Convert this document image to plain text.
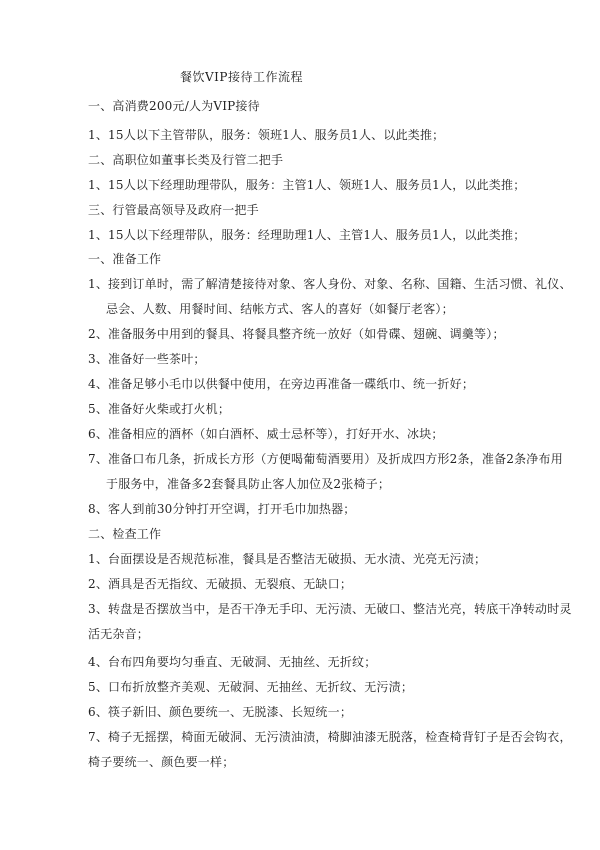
餐饮VIP接待工作流程
一、高消费200元/人为VIP接待
1、15人以下主管带队，服务：领班1人、服务员1人、以此类推；
二、高职位如董事长类及行管二把手
1、15人以下经理助理带队，服务：主管1人、领班1人、服务员1人，以此类推；
三、行管最高领导及政府一把手
1、15人以下经理带队，服务：经理助理1人、主管1人、服务员1人，以此类推；
一、准备工作
1、接到订单时，需了解清楚接待对象、客人身份、对象、名称、国籍、生活习惯、礼仪、
忌会、人数、用餐时间、结帐方式、客人的喜好（如餐厅老客）；
2、准备服务中用到的餐具、将餐具整齐统一放好（如骨碟、翅碗、调羹等）；
3、准备好一些茶叶；
4、准备足够小毛巾以供餐中使用，在旁边再准备一碟纸巾、统一折好；
5、准备好火柴或打火机；
6、准备相应的酒杯（如白酒杯、威士忌杯等），打好开水、冰块；
7、准备口布几条，折成长方形（方便喝葡萄酒要用）及折成四方形2条，准备2条净布用
于服务中，准备多2套餐具防止客人加位及2张椅子；
8、客人到前30分钟打开空调，打开毛巾加热器；
二、检查工作
1、台面摆设是否规范标准，餐具是否整洁无破损、无水渍、光亮无污渍；
2、酒具是否无指纹、无破损、无裂痕、无缺口；
3、转盘是否摆放当中，是否干净无手印、无污渍、无破口、整洁光亮，转底干净转动时灵
活无杂音；
4、台布四角要均匀垂直、无破洞、无抽丝、无折纹；
5、口布折放整齐美观、无破洞、无抽丝、无折纹、无污渍；
6、筷子新旧、颜色要统一、无脱漆、长短统一；
7、椅子无摇摆，椅面无破洞、无污渍油渍，椅脚油漆无脱落，检查椅背钉子是否会钩衣，
椅子要统一、颜色要一样；
